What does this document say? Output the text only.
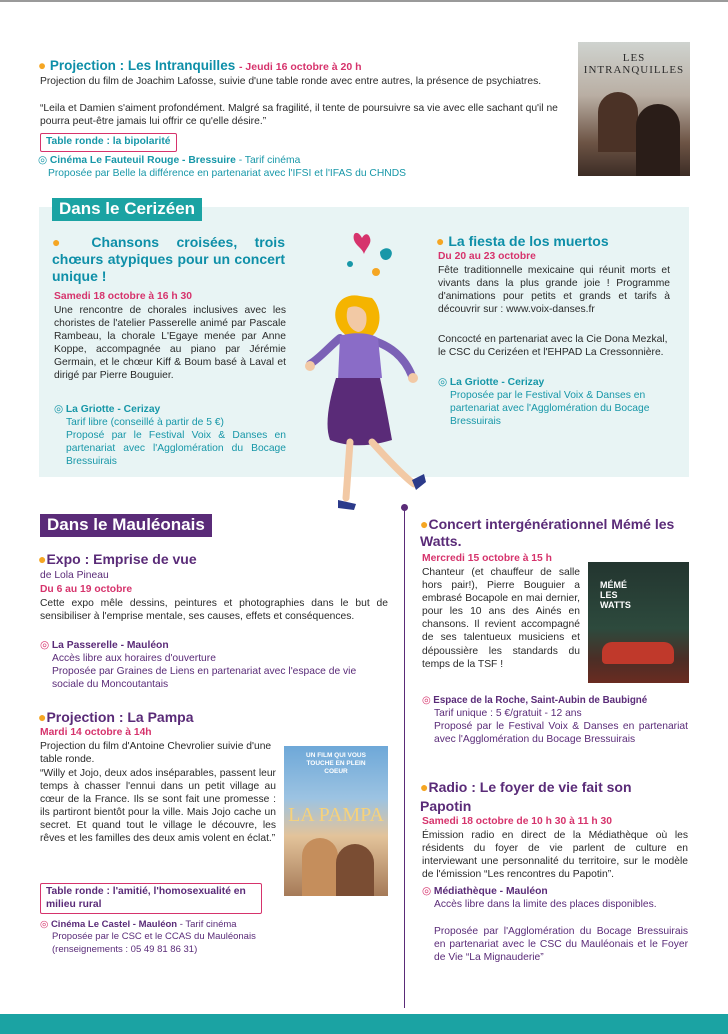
● Projection : Les Intranquilles - Jeudi 16 octobre à 20 h
Projection du film de Joachim Lafosse, suivie d'une table ronde avec entre autres, la présence de psychiatres.
“Leila et Damien s'aiment profondément. Malgré sa fragilité, il tente de poursuivre sa vie avec elle sachant qu'il ne pourra peut-être jamais lui offrir ce qu'elle désire.”
Table ronde : la bipolarité
◎ Cinéma Le Fauteuil Rouge - Bressuire - Tarif cinéma
Proposée par Belle la différence en partenariat avec l'IFSI et l'IFAS du CHNDS
LES INTRANQUILLES
Dans le Cerizéen
● Chansons croisées, trois chœurs atypiques pour un concert unique !
Samedi 18 octobre à 16 h 30
Une rencontre de chorales inclusives avec les choristes de l'atelier Passerelle animé par Pascale Rambeau, la chorale L'Egaye menée par Anne Koppe, accompagnée au piano par Jérémie Germain, et le chœur Kiff & Boum basé à Laval et dirigé par Pierre Bouguier.
◎ La Griotte - Cerizay
Tarif libre (conseillé à partir de 5 €)
Proposé par le Festival Voix & Danses en partenariat avec l'Agglomération du Bocage Bressuirais
● La fiesta de los muertos
Du 20 au 23 octobre
Fête traditionnelle mexicaine qui réunit morts et vivants dans la plus grande joie ! Programme d'animations pour petits et grands et tarifs à découvrir sur : www.voix-danses.fr
Concocté en partenariat avec la Cie Dona Mezkal, le CSC du Cerizéen et l'EHPAD La Cressonnière.
◎ La Griotte - Cerizay
Proposée par le Festival Voix & Danses en partenariat avec l'Agglomération du Bocage Bressuirais
Dans le Mauléonais
●Expo : Emprise de vue
de Lola Pineau
Du 6 au 19 octobre
Cette expo mêle dessins, peintures et photographies dans le but de sensibiliser à l'emprise mentale, ses causes, effets et conséquences.
◎ La Passerelle - Mauléon
Accès libre aux horaires d'ouverture
Proposée par Graines de Liens en partenariat avec l'espace de vie sociale du Moncoutantais
●Projection : La Pampa
Mardi 14 octobre à 14h
Projection du film d'Antoine Chevrolier suivie d'une table ronde.
“Willy et Jojo, deux ados inséparables, passent leur temps à chasser l'ennui dans un petit village au cœur de la France. Ils se sont fait une promesse : ils partiront bientôt pour la ville. Mais Jojo cache un secret. Et quand tout le village le découvre, les rêves et les familles des deux amis volent en éclat.”
Table ronde : l'amitié, l'homosexualité en milieu rural
◎ Cinéma Le Castel - Mauléon - Tarif cinéma
Proposée par le CSC et le CCAS du Mauléonais (renseignements : 05 49 81 86 31)
UN FILM QUI VOUS TOUCHE EN PLEIN COEUR
LA PAMPA
●Concert intergénérationnel Mémé les Watts.
Mercredi 15 octobre à 15 h
Chanteur (et chauffeur de salle hors pair!), Pierre Bouguier a embrasé Bocapole en mai dernier, pour les 10 ans des Ainés en chansons. Il revient accompagné de ses talentueux musiciens et dépoussière les standards du temps de la TSF !
MÉMÉ LES WATTS
◎ Espace de la Roche, Saint-Aubin de Baubigné
Tarif unique : 5 €/gratuit - 12 ans
Proposé par le Festival Voix & Danses en partenariat avec l'Agglomération du Bocage Bressuirais
●Radio : Le foyer de vie fait son Papotin
Samedi 18 octobre de 10 h 30 à 11 h 30
Émission radio en direct de la Médiathèque où les résidents du foyer de vie parlent de culture en interviewant une personnalité du territoire, sur le modèle de l'émission “Les rencontres du Papotin”.
◎ Médiathèque - Mauléon
Accès libre dans la limite des places disponibles.
Proposée par l'Agglomération du Bocage Bressuirais en partenariat avec le CSC du Mauléonais et le Foyer de Vie “La Mignauderie”
